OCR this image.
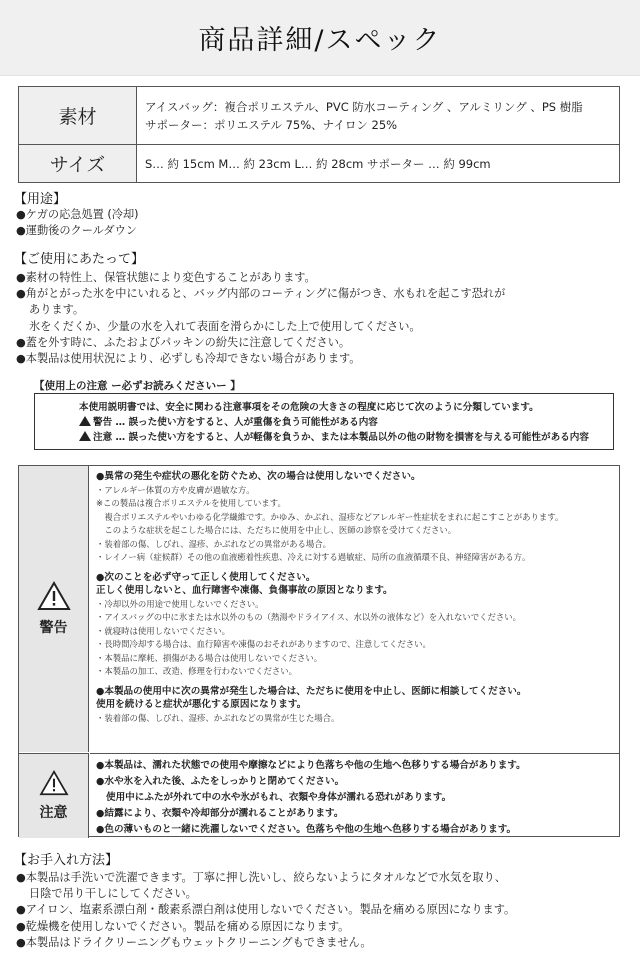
商品詳細/スペック
素材	アイスバッグ：複合ポリエステル、PVC 防水コーティング 、アルミリング 、PS 樹脂
サポーター：ポリエステル 75%、ナイロン 25%

サイズ	S… 約 15cm M… 約 23cm L… 約 28cm サポーター … 約 99cm
【用途】
●ケガの応急処置 (冷却)
●運動後のクールダウン
【ご使用にあたって】
●素材の特性上、保管状態により変色することがあります。
●角がとがった氷を中にいれると、バッグ内部のコーティングに傷がつき、水もれを起こす恐れが
あります。
氷をくだくか、少量の水を入れて表面を滑らかにした上で使用してください。
●蓋を外す時に、ふたおよびパッキンの紛失に注意してください。
●本製品は使用状況により、必ずしも冷却できない場合があります。
【使用上の注意 ー必ずお読みくださいー 】
本使用説明書では、安全に関わる注意事項をその危険の大きさの程度に応じて次のように分類しています。
警告 … 誤った使い方をすると、人が重傷を負う可能性がある内容
注意 … 誤った使い方をすると、人が軽傷を負うか、または本製品以外の他の財物を損害を与える可能性がある内容
警告
●異常の発生や症状の悪化を防ぐため、次の場合は使用しないでください。
・アレルギー体質の方や皮膚が過敏な方。
※この製品は複合ポリエステルを使用しています。
　複合ポリエステルやいわゆる化学繊維です。かゆみ、かぶれ、湿疹などアレルギー性症状をまれに起こすことがあります。
　このような症状を起こした場合には、ただちに使用を中止し、医師の診察を受けてください。
・装着部の傷、しびれ、湿疹、かぶれなどの異常がある場合。
・レイノー病（症候群）その他の血液癒着性疾患、冷えに対する過敏症、局所の血液循環不良、神経障害がある方。
●次のことを必ず守って正しく使用してください。
正しく使用しないと、血行障害や凍傷、負傷事故の原因となります。
・冷却以外の用途で使用しないでください。
・アイスバッグの中に氷または水以外のもの（熱湯やドライアイス、水以外の液体など）を入れないでください。
・就寝時は使用しないでください。
・長時間冷却する場合は、血行障害や凍傷のおそれがありますので、注意してください。
・本製品に摩耗、損傷がある場合は使用しないでください。
・本製品の加工、改造、修理を行わないでください。
●本製品の使用中に次の異常が発生した場合は、ただちに使用を中止し、医師に相談してください。
使用を続けると症状が悪化する原因になります。
・装着部の傷、しびれ、湿疹、かぶれなどの異常が生じた場合。
注意
●本製品は、濡れた状態での使用や摩擦などにより色落ちや他の生地へ色移りする場合があります。
●水や氷を入れた後、ふたをしっかりと閉めてください。
使用中にふたが外れて中の水や氷がもれ、衣類や身体が濡れる恐れがあります。
●結露により、衣類や冷却部分が濡れることがあります。
●色の薄いものと一緒に洗濯しないでください。色落ちや他の生地へ色移りする場合があります。
【お手入れ方法】
●本製品は手洗いで洗濯できます。丁寧に押し洗いし、絞らないようにタオルなどで水気を取り、
日陰で吊り干しにしてください。
●アイロン、塩素系漂白剤・酸素系漂白剤は使用しないでください。製品を痛める原因になります。
●乾燥機を使用しないでください。製品を痛める原因になります。
●本製品はドライクリーニングもウェットクリーニングもできません。
